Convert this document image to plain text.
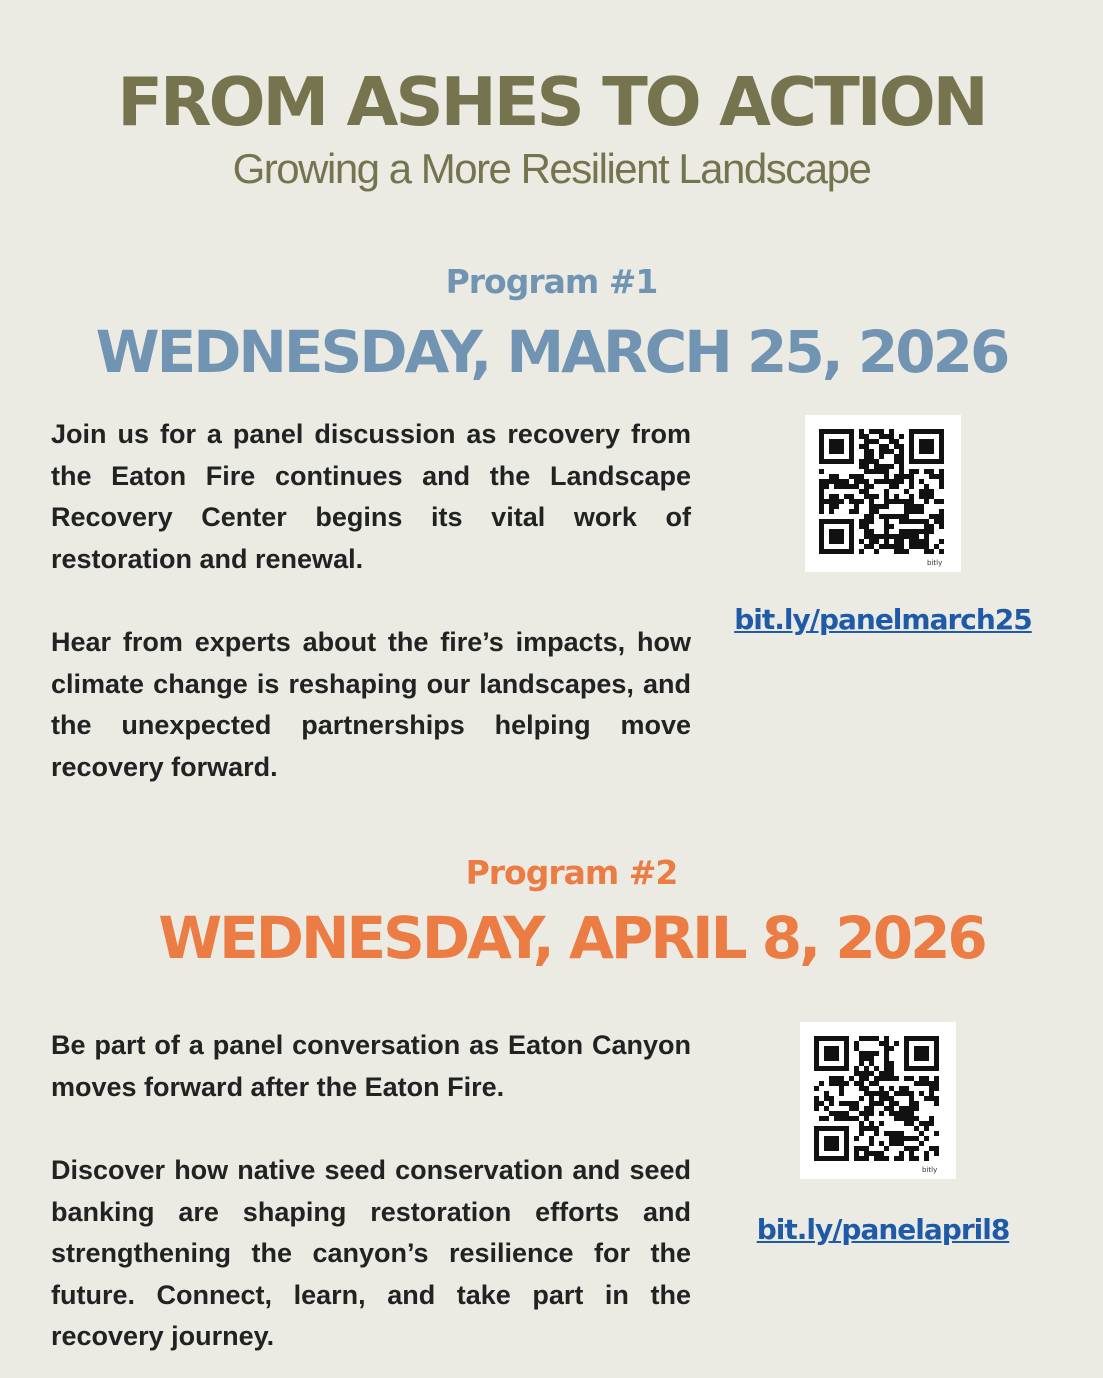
FROM ASHES TO ACTION
Growing a More Resilient Landscape
Program #1
WEDNESDAY, MARCH 25, 2026

Join us for a panel discussion as recovery from the Eaton Fire continues and the Landscape Recovery Center begins its vital work of restoration and renewal.

Hear from experts about the fire’s impacts, how climate change is reshaping our landscapes, and the unexpected partnerships helping move recovery forward.

bitly
bit.ly/panelmarch25
Program #2
WEDNESDAY, APRIL 8, 2026

Be part of a panel conversation as Eaton Canyon moves forward after the Eaton Fire.

Discover how native seed conservation and seed banking are shaping restoration efforts and strengthening the canyon’s resilience for the future. Connect, learn, and take part in the recovery journey.

bitly
bit.ly/panelapril8
